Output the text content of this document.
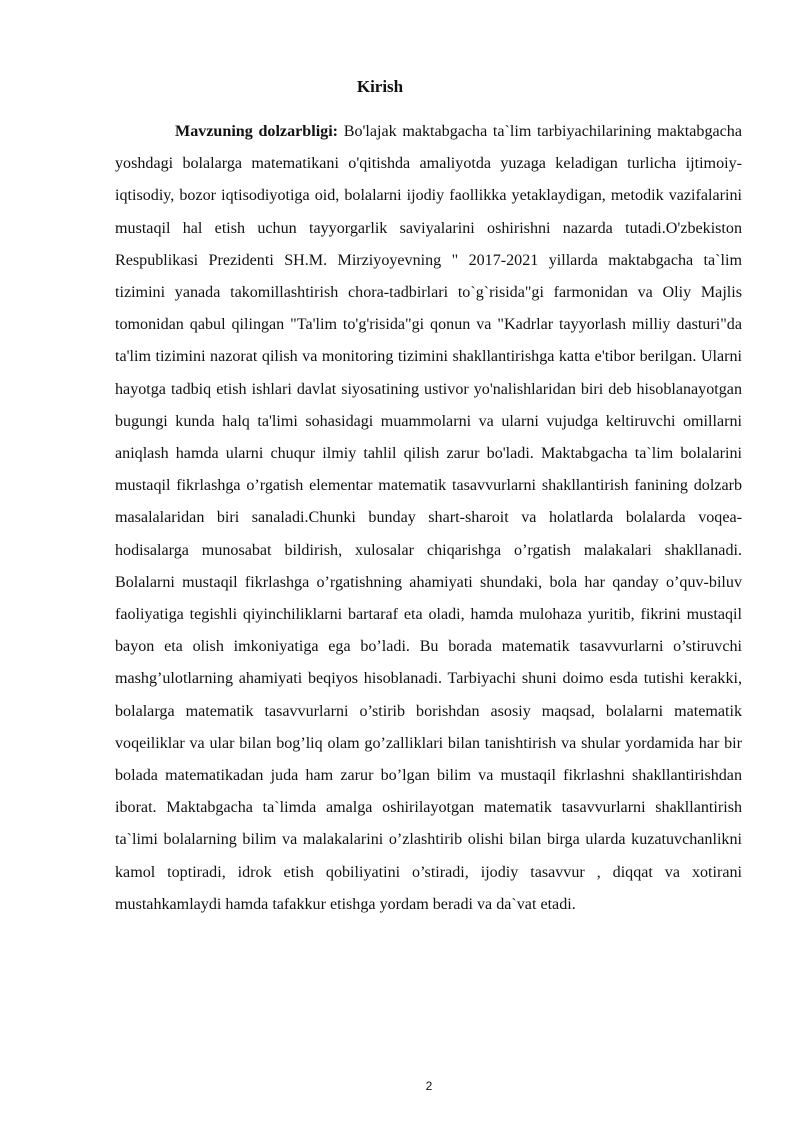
Kirish

Mavzuning dolzarbligi: Bo'lajak maktabgacha ta`lim tarbiyachilarining maktabgacha yoshdagi bolalarga matematikani o'qitishda amaliyotda yuzaga keladigan turlicha ijtimoiy-iqtisodiy, bozor iqtisodiyotiga oid, bolalarni ijodiy faollikka yetaklaydigan, metodik vazifalarini mustaqil hal etish uchun tayyorgarlik saviyalarini oshirishni nazarda tutadi.O'zbekiston Respublikasi Prezidenti SH.M. Mirziyoyevning " 2017-2021 yillarda maktabgacha ta`lim tizimini yanada takomillashtirish chora-tadbirlari to`g`risida"gi farmonidan va Oliy Majlis tomonidan qabul qilingan "Ta'lim to'g'risida"gi qonun va "Kadrlar tayyorlash milliy dasturi"da ta'lim tizimini nazorat qilish va monitoring tizimini shakllantirishga katta e'tibor berilgan. Ularni hayotga tadbiq etish ishlari davlat siyosatining ustivor yo'nalishlaridan biri deb hisoblanayotgan bugungi kunda halq ta'limi sohasidagi muammolarni va ularni vujudga keltiruvchi omillarni aniqlash hamda ularni chuqur ilmiy tahlil qilish zarur bo'ladi. Maktabgacha ta`lim bolalarini mustaqil fikrlashga o’rgatish elementar matematik tasavvurlarni shakllantirish fanining dolzarb masalalaridan biri sanaladi.Chunki bunday shart-sharoit va holatlarda bolalarda voqea-hodisalarga munosabat bildirish, xulosalar chiqarishga o’rgatish malakalari shakllanadi. Bolalarni mustaqil fikrlashga o’rgatishning ahamiyati shundaki, bola har qanday o’quv-biluv faoliyatiga tegishli qiyinchiliklarni bartaraf eta oladi, hamda mulohaza yuritib, fikrini mustaqil bayon eta olish imkoniyatiga ega bo’ladi. Bu borada matematik tasavvurlarni o’stiruvchi mashg’ulotlarning ahamiyati beqiyos hisoblanadi. Tarbiyachi shuni doimo esda tutishi kerakki, bolalarga matematik tasavvurlarni o’stirib borishdan asosiy maqsad, bolalarni matematik voqeiliklar va ular bilan bog’liq olam go’zalliklari bilan tanishtirish va shular yordamida har bir bolada matematikadan juda ham zarur bo’lgan bilim va mustaqil fikrlashni shakllantirishdan iborat. Maktabgacha ta`limda amalga oshirilayotgan matematik tasavvurlarni shakllantirish ta`limi bolalarning bilim va malakalarini o’zlashtirib olishi bilan birga ularda kuzatuvchanlikni kamol toptiradi, idrok etish qobiliyatini o’stiradi, ijodiy tasavvur , diqqat va xotirani mustahkamlaydi hamda tafakkur etishga yordam beradi va da`vat etadi.

2
